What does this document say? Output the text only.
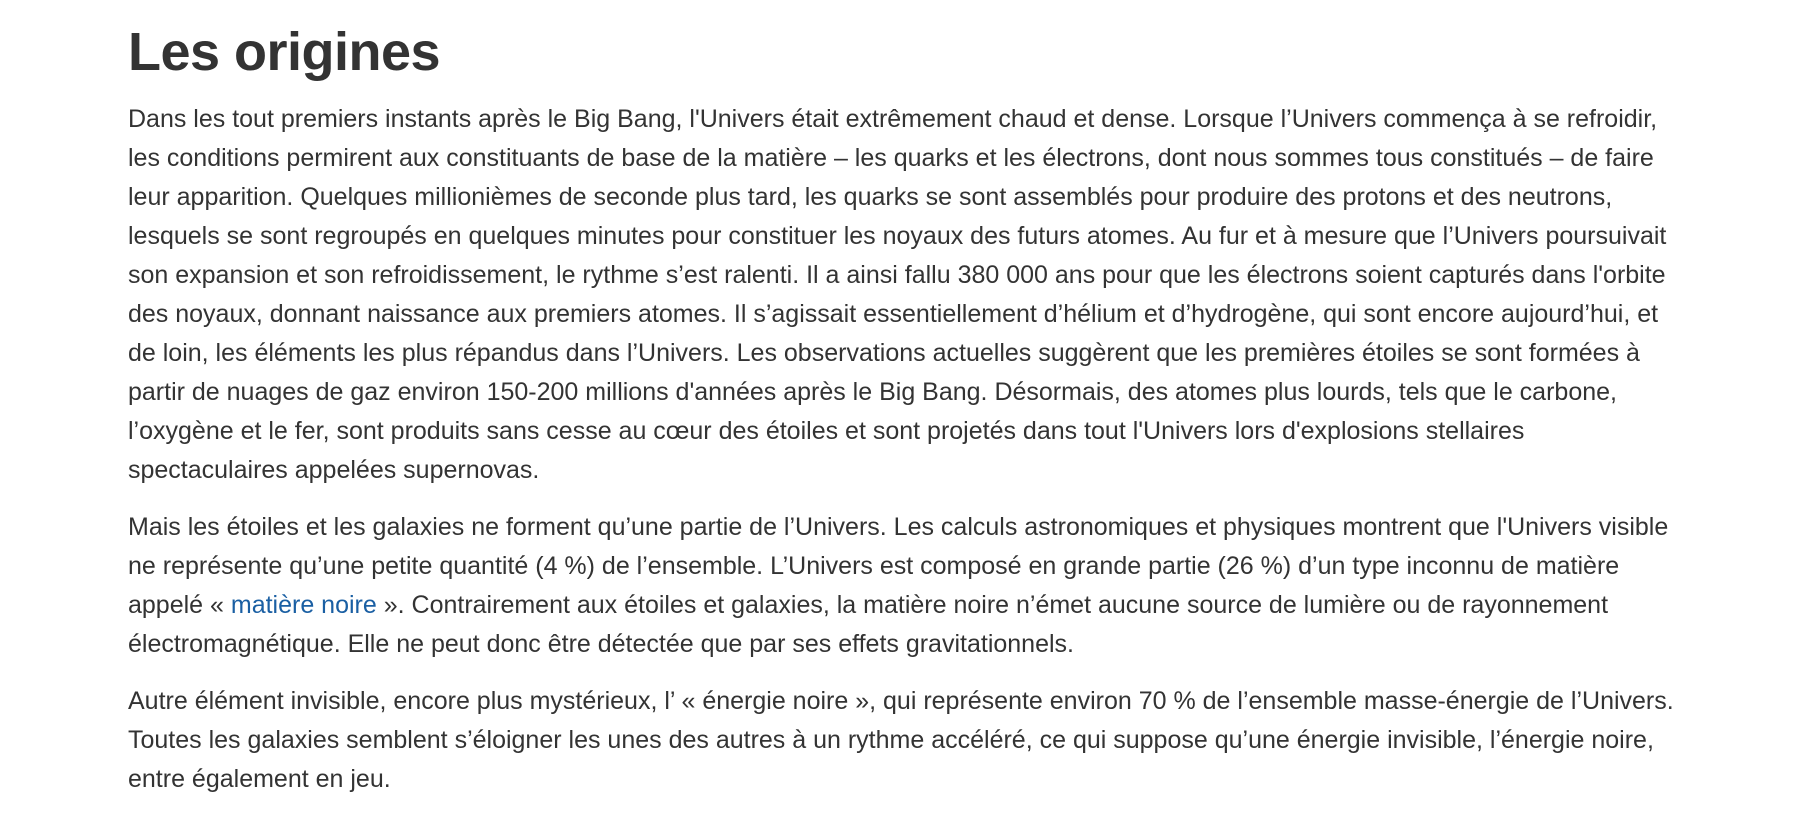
Les origines

Dans les tout premiers instants après le Big Bang, l'Univers était extrêmement chaud et dense. Lorsque l’Univers commença à se refroidir, les conditions permirent aux constituants de base de la matière – les quarks et les électrons, dont nous sommes tous constitués – de faire leur apparition. Quelques millionièmes de seconde plus tard, les quarks se sont assemblés pour produire des protons et des neutrons, lesquels se sont regroupés en quelques minutes pour constituer les noyaux des futurs atomes. Au fur et à mesure que l’Univers poursuivait son expansion et son refroidissement, le rythme s’est ralenti. Il a ainsi fallu 380 000 ans pour que les électrons soient capturés dans l'orbite des noyaux, donnant naissance aux premiers atomes. Il s’agissait essentiellement d’hélium et d’hydrogène, qui sont encore aujourd’hui, et de loin, les éléments les plus répandus dans l’Univers. Les observations actuelles suggèrent que les premières étoiles se sont formées à partir de nuages de gaz environ 150-200 millions d'années après le Big Bang. Désormais, des atomes plus lourds, tels que le carbone, l’oxygène et le fer, sont produits sans cesse au cœur des étoiles et sont projetés dans tout l'Univers lors d'explosions stellaires spectaculaires appelées supernovas.

Mais les étoiles et les galaxies ne forment qu’une partie de l’Univers. Les calculs astronomiques et physiques montrent que l'Univers visible ne représente qu’une petite quantité (4 %) de l’ensemble. L’Univers est composé en grande partie (26 %) d’un type inconnu de matière appelé « matière noire ». Contrairement aux étoiles et galaxies, la matière noire n’émet aucune source de lumière ou de rayonnement électromagnétique. Elle ne peut donc être détectée que par ses effets gravitationnels.

Autre élément invisible, encore plus mystérieux, l’ « énergie noire », qui représente environ 70 % de l’ensemble masse-énergie de l’Univers. Toutes les galaxies semblent s’éloigner les unes des autres à un rythme accéléré, ce qui suppose qu’une énergie invisible, l’énergie noire, entre également en jeu.
